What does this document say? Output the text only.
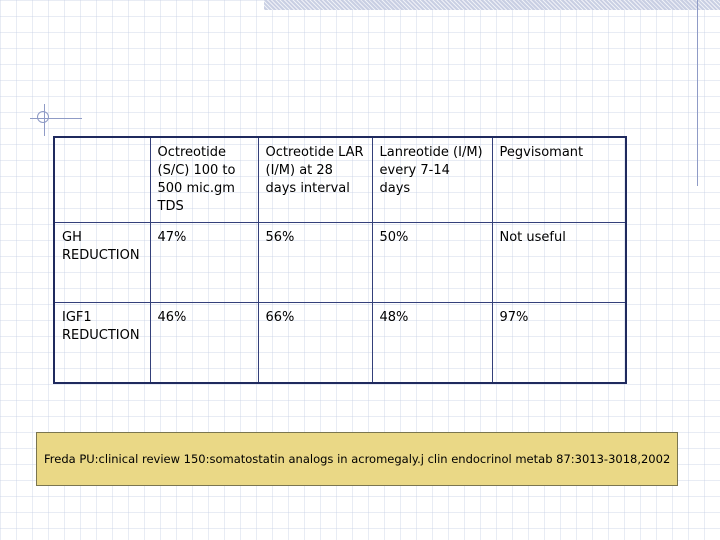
	Octreotide (S/C) 100 to 500 mic.gm TDS	Octreotide LAR (I/M) at 28 days interval	Lanreotide (I/M) every 7-14 days	Pegvisomant
GH REDUCTION	47%	56%	50%	Not useful
IGF1 REDUCTION	46%	66%	48%	97%
Freda PU:clinical review 150:somatostatin analogs in acromegaly.j clin endocrinol metab 87:3013-3018,2002
